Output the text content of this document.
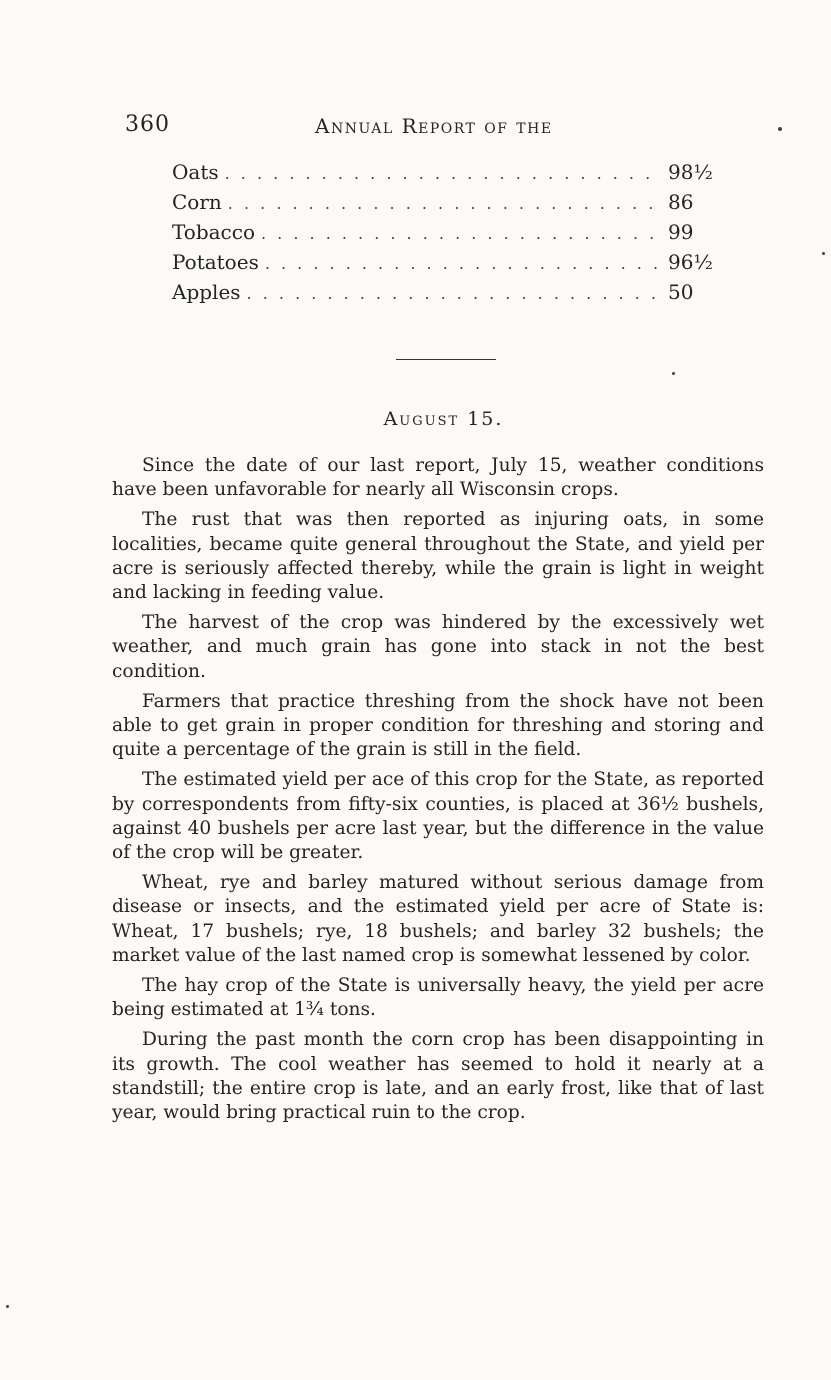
360	Annual Report of the
Oats . . .	98½
Corn . . .	86
Tobacco . . .	99
Potatoes . . .	96½
Apples . . .	50
August 15.

Since the date of our last report, July 15, weather conditions have been unfavorable for nearly all Wisconsin crops.

The rust that was then reported as injuring oats, in some localities, became quite general throughout the State, and yield per acre is seriously affected thereby, while the grain is light in weight and lacking in feeding value.

The harvest of the crop was hindered by the excessively wet weather, and much grain has gone into stack in not the best condition.

Farmers that practice threshing from the shock have not been able to get grain in proper condition for threshing and storing and quite a percentage of the grain is still in the field.

The estimated yield per ace of this crop for the State, as reported by correspondents from fifty-six counties, is placed at 36½ bushels, against 40 bushels per acre last year, but the difference in the value of the crop will be greater.

Wheat, rye and barley matured without serious damage from disease or insects, and the estimated yield per acre of State is: Wheat, 17 bushels; rye, 18 bushels; and barley 32 bushels; the market value of the last named crop is somewhat lessened by color.

The hay crop of the State is universally heavy, the yield per acre being estimated at 1¾ tons.

During the past month the corn crop has been disappointing in its growth. The cool weather has seemed to hold it nearly at a standstill; the entire crop is late, and an early frost, like that of last year, would bring practical ruin to the crop.
